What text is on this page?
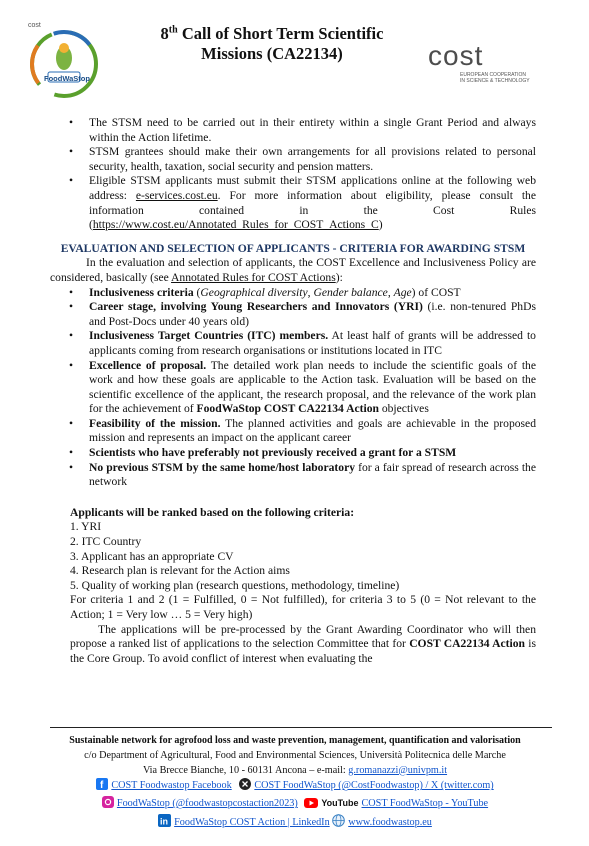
cost
FoodWaStop
8th Call of Short Term Scientific
Missions (CA22134)	cost
EUROPEAN COOPERATION
IN SCIENCE & TECHNOLOGY
• The STSM need to be carried out in their entirety within a single Grant Period and always within the Action lifetime.
• STSM grantees should make their own arrangements for all provisions related to personal security, health, taxation, social security and pension matters.
• Eligible STSM applicants must submit their STSM applications online at the following web address: e-services.cost.eu. For more information about eligibility, please consult the information contained in the Cost Rules (https://www.cost.eu/Annotated_Rules_for_COST_Actions_C)
EVALUATION AND SELECTION OF APPLICANTS - CRITERIA FOR AWARDING STSM
In the evaluation and selection of applicants, the COST Excellence and Inclusiveness Policy are considered, basically (see Annotated Rules for COST Actions):
• Inclusiveness criteria (Geographical diversity, Gender balance, Age) of COST
• Career stage, involving Young Researchers and Innovators (YRI) (i.e. non-tenured PhDs and Post-Docs under 40 years old)
• Inclusiveness Target Countries (ITC) members. At least half of grants will be addressed to applicants coming from research organisations or institutions located in ITC
• Excellence of proposal. The detailed work plan needs to include the scientific goals of the work and how these goals are applicable to the Action task. Evaluation will be based on the scientific excellence of the applicant, the research proposal, and the relevance of the work plan for the achievement of FoodWaStop COST CA22134 Action objectives
• Feasibility of the mission. The planned activities and goals are achievable in the proposed mission and represents an impact on the applicant career
• Scientists who have preferably not previously received a grant for a STSM
• No previous STSM by the same home/host laboratory for a fair spread of research across the network
Applicants will be ranked based on the following criteria:
1. YRI
2. ITC Country
3. Applicant has an appropriate CV
4. Research plan is relevant for the Action aims
5. Quality of working plan (research questions, methodology, timeline)
For criteria 1 and 2 (1 = Fulfilled, 0 = Not fulfilled), for criteria 3 to 5 (0 = Not relevant to the Action; 1 = Very low … 5 = Very high)
The applications will be pre-processed by the Grant Awarding Coordinator who will then propose a ranked list of applications to the selection Committee that for COST CA22134 Action is the Core Group. To avoid conflict of interest when evaluating the
Sustainable network for agrofood loss and waste prevention, management, quantification and valorisation
c/o Department of Agricultural, Food and Environmental Sciences, Università Politecnica delle Marche
Via Brecce Bianche, 10 - 60131 Ancona – e-mail: g.romanazzi@univpm.it
f COST Foodwastop Facebook COST FoodWaStop (@CostFoodwastop) / X (twitter.com)
FoodWaStop (@foodwastopcostaction2023)	YouTube COST FoodWaStop - YouTube
in FoodWaStop COST Action | LinkedIn www.foodwastop.eu
